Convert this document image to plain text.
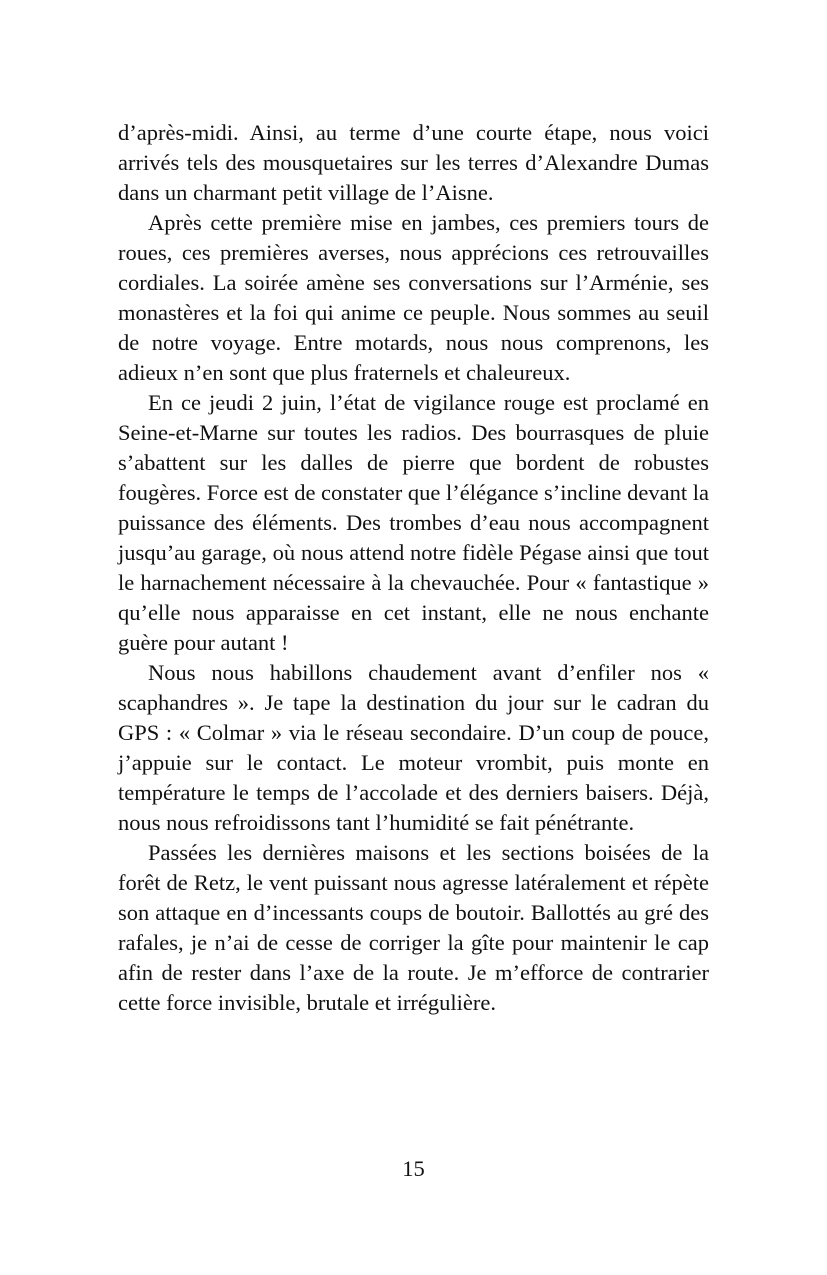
d’après-midi. Ainsi, au terme d’une courte étape, nous voici arrivés tels des mousquetaires sur les terres d’Alexandre Dumas dans un charmant petit village de l’Aisne.

Après cette première mise en jambes, ces premiers tours de roues, ces premières averses, nous apprécions ces retrouvailles cordiales. La soirée amène ses conversations sur l’Arménie, ses monastères et la foi qui anime ce peuple. Nous sommes au seuil de notre voyage. Entre motards, nous nous comprenons, les adieux n’en sont que plus fraternels et chaleureux.

En ce jeudi 2 juin, l’état de vigilance rouge est proclamé en Seine-et-Marne sur toutes les radios. Des bourrasques de pluie s’abattent sur les dalles de pierre que bordent de robustes fougères. Force est de constater que l’élégance s’incline devant la puissance des éléments. Des trombes d’eau nous accompagnent jusqu’au garage, où nous attend notre fidèle Pégase ainsi que tout le harnachement nécessaire à la chevauchée. Pour « fantastique » qu’elle nous apparaisse en cet instant, elle ne nous enchante guère pour autant !

Nous nous habillons chaudement avant d’enfiler nos « scaphandres ». Je tape la destination du jour sur le cadran du GPS : « Colmar » via le réseau secondaire. D’un coup de pouce, j’appuie sur le contact. Le moteur vrombit, puis monte en température le temps de l’accolade et des derniers baisers. Déjà, nous nous refroidissons tant l’humidité se fait pénétrante.

Passées les dernières maisons et les sections boisées de la forêt de Retz, le vent puissant nous agresse latéralement et répète son attaque en d’incessants coups de boutoir. Ballottés au gré des rafales, je n’ai de cesse de corriger la gîte pour maintenir le cap afin de rester dans l’axe de la route. Je m’efforce de contrarier cette force invisible, brutale et irrégulière.

15
